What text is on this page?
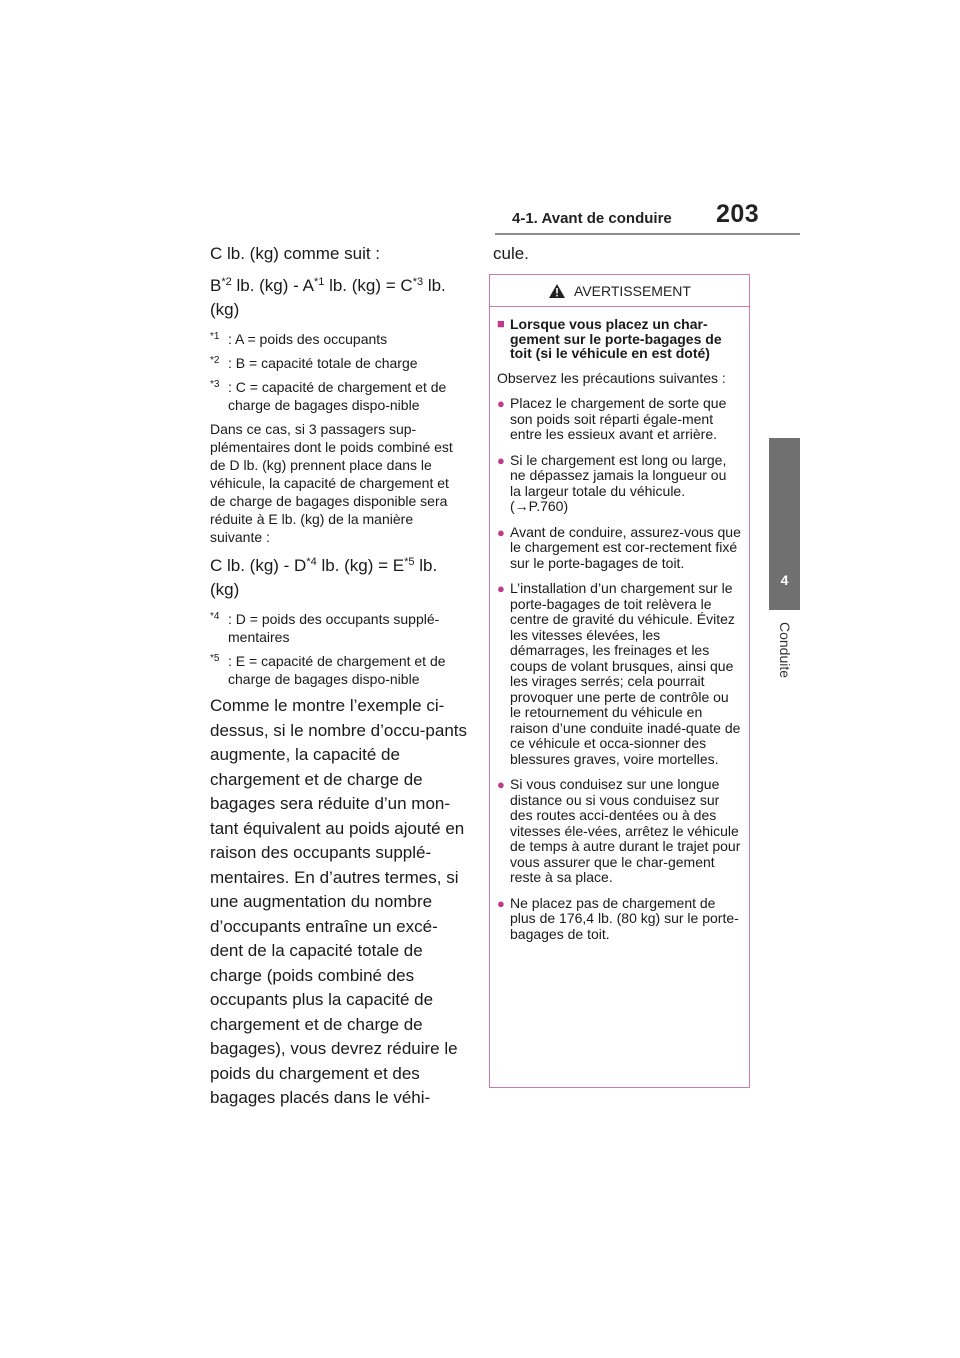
4-1. Avant de conduire 203
4
Conduite

C lb. (kg) comme suit :

$B^{*2}$ lb. $(kg) - A^{*1}$ lb. $(kg) = C^{*3}$ lb. (kg)

$^{*1}$ : A = poids des occupants
$^{*2}$ : B = capacité totale de charge
$^{*3}$ : C = capacité de chargement et de charge de bagages dispo-nible

Dans ce cas, si 3 passagers sup-plémentaires dont le poids combiné est de D lb. (kg) prennent place dans le véhicule, la capacité de chargement et de charge de bagages disponible sera réduite à E lb. (kg) de la manière suivante :

C lb. $(kg) - D^{*4}$ lb. $(kg) = E^{*5}$ lb. (kg)

$^{*4}$ : D = poids des occupants supplé-mentaires
$^{*5}$ : E = capacité de chargement et de charge de bagages dispo-nible

Comme le montre l’exemple ci-dessus, si le nombre d’occu-pants augmente, la capacité de chargement et de charge de bagages sera réduite d’un mon-tant équivalent au poids ajouté en raison des occupants supplé-mentaires. En d’autres termes, si une augmentation du nombre d’occupants entraîne un excé-dent de la capacité totale de charge (poids combiné des occupants plus la capacité de chargement et de charge de bagages), vous devrez réduire le poids du chargement et des bagages placés dans le véhi-

cule.
AVERTISSEMENT
■ Lorsque vous placez un char-gement sur le porte-bagages de toit (si le véhicule en est doté)

Observez les précautions suivantes :

● Placez le chargement de sorte que son poids soit réparti égale-ment entre les essieux avant et arrière.
● Si le chargement est long ou large, ne dépassez jamais la longueur ou la largeur totale du véhicule. (→P.760)
● Avant de conduire, assurez-vous que le chargement est cor-rectement fixé sur le porte-bagages de toit.
● L’installation d’un chargement sur le porte-bagages de toit relèvera le centre de gravité du véhicule. Évitez les vitesses élevées, les démarrages, les freinages et les coups de volant brusques, ainsi que les virages serrés; cela pourrait provoquer une perte de contrôle ou le retournement du véhicule en raison d’une conduite inadé-quate de ce véhicule et occa-sionner des blessures graves, voire mortelles.
● Si vous conduisez sur une longue distance ou si vous conduisez sur des routes acci-dentées ou à des vitesses éle-vées, arrêtez le véhicule de temps à autre durant le trajet pour vous assurer que le char-gement reste à sa place.
● Ne placez pas de chargement de plus de 176,4 lb. (80 kg) sur le porte-bagages de toit.
